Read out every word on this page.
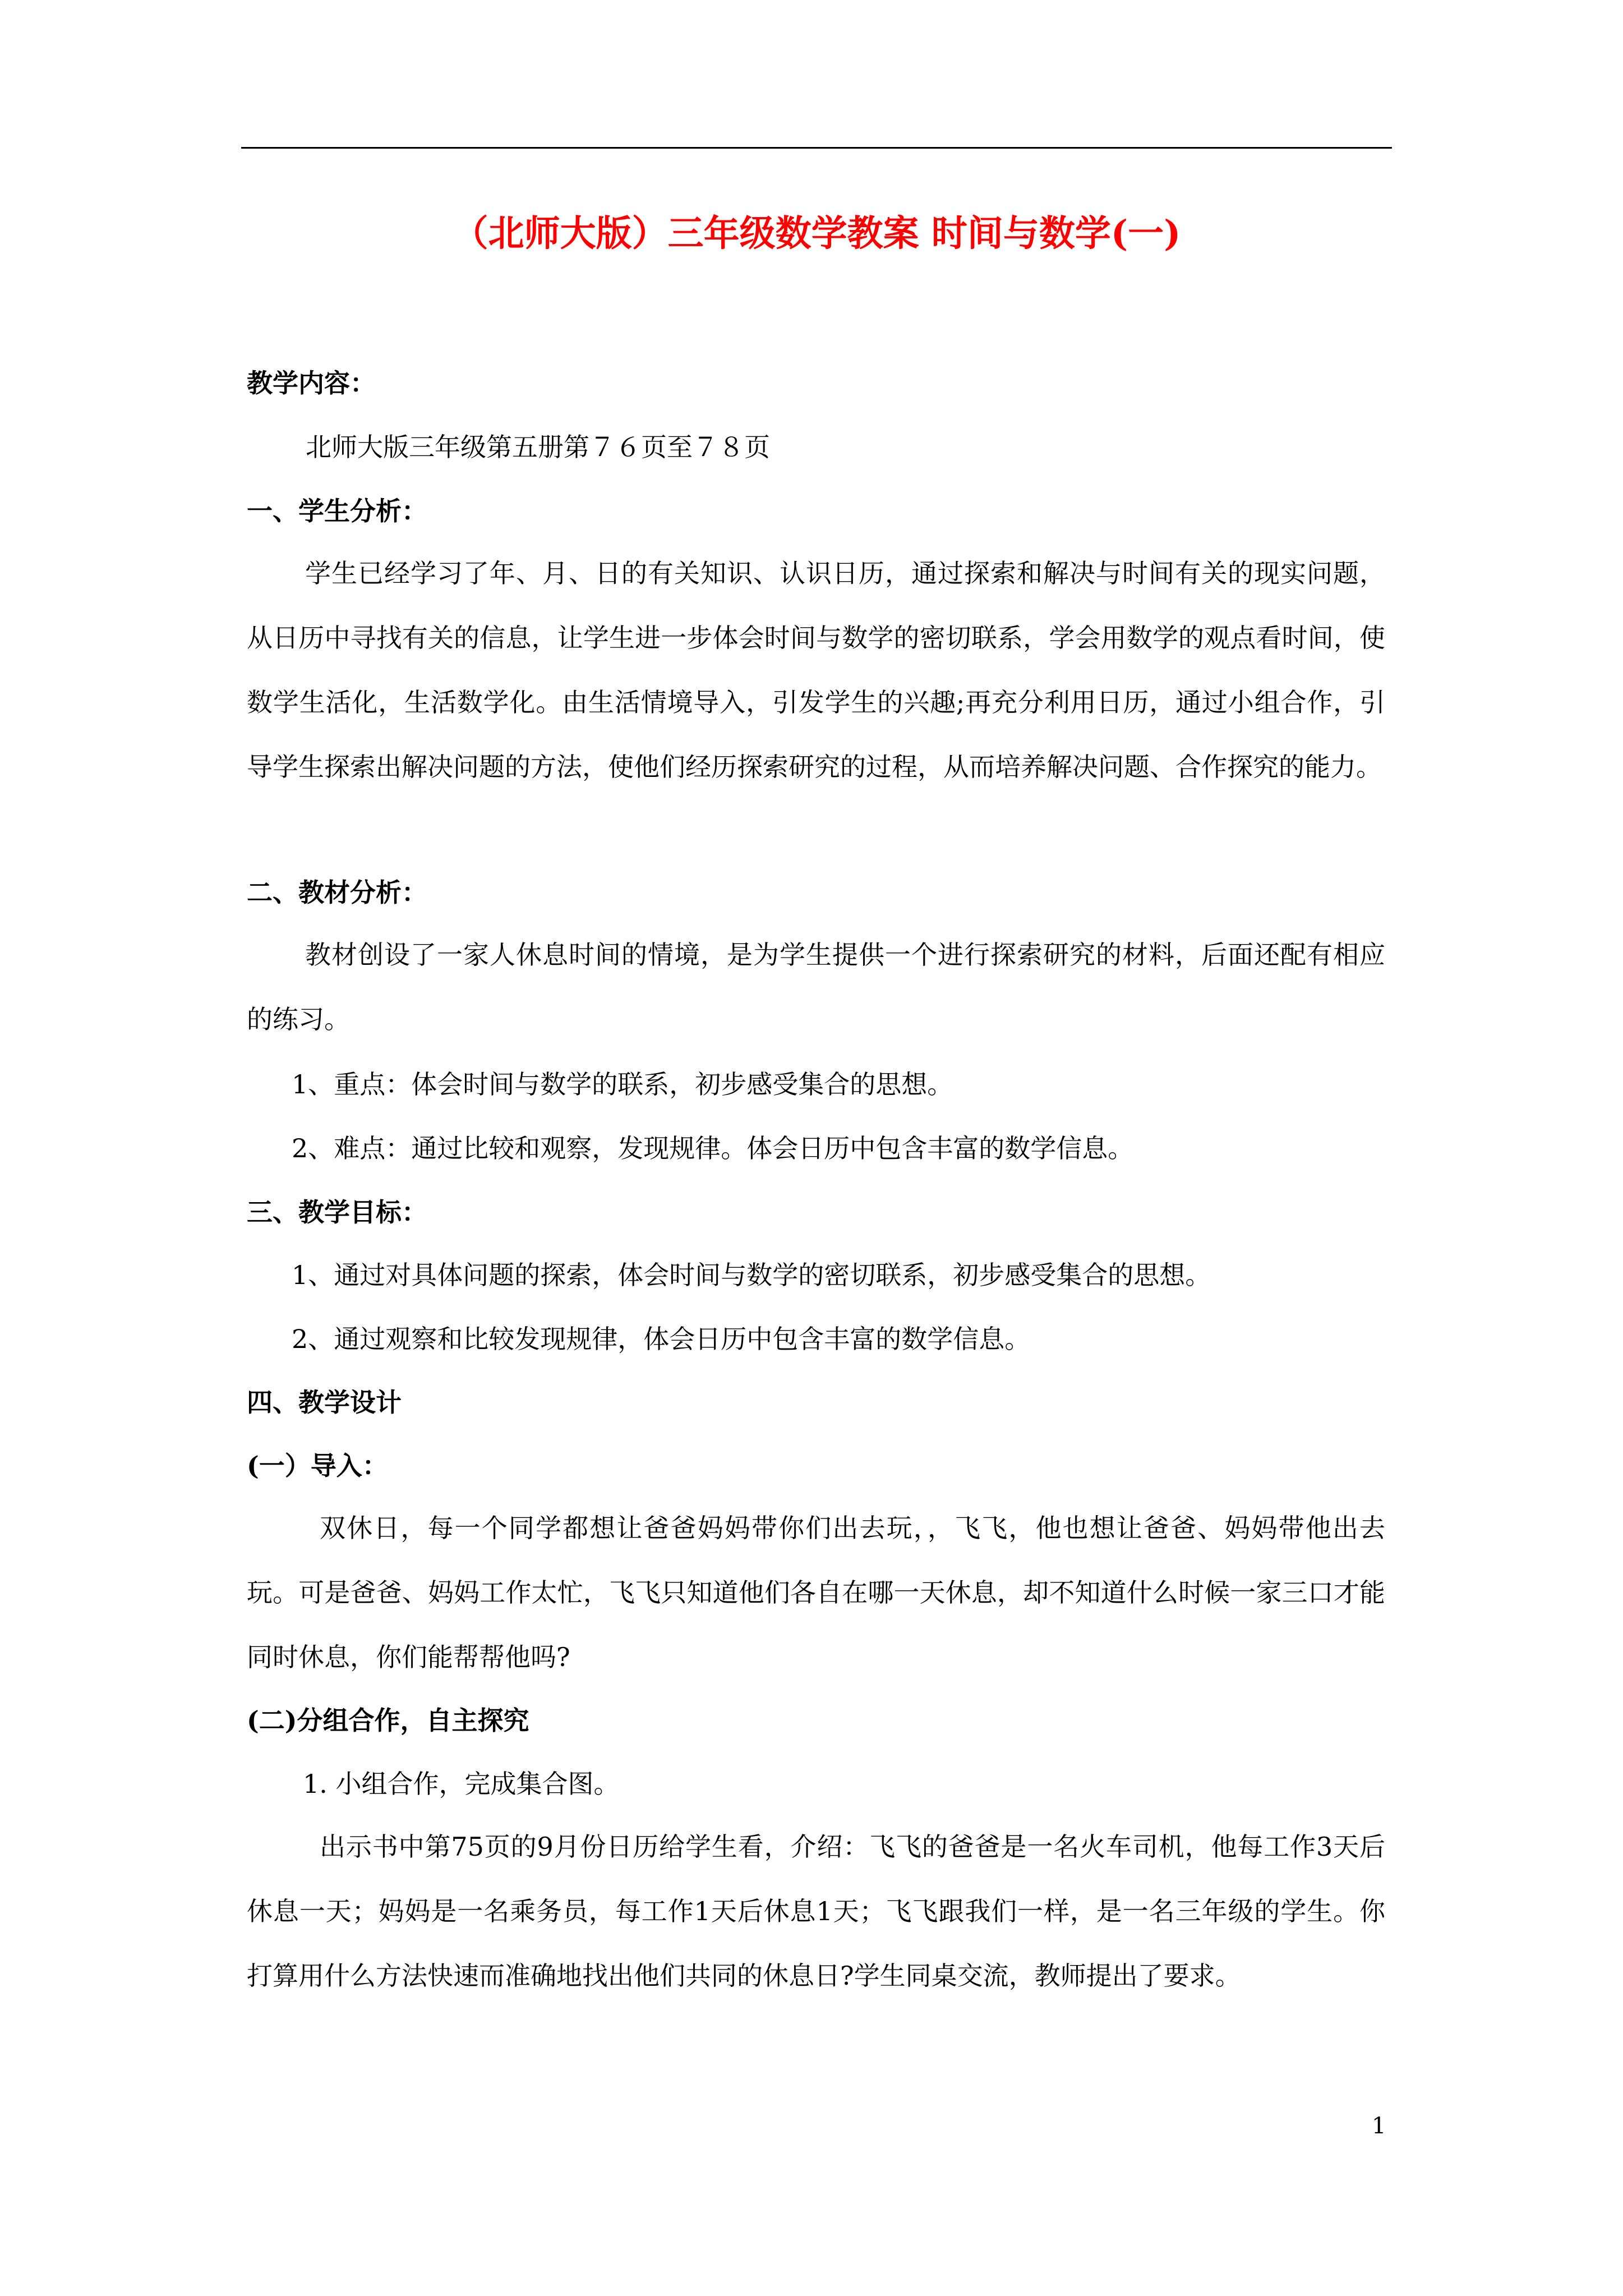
（北师大版）三年级数学教案 时间与数学(一)
教学内容：
北师大版三年级第五册第７６页至７８页
一、学生分析：
学生已经学习了年、月、日的有关知识、认识日历，通过探索和解决与时间有关的现实问题，从日历中寻找有关的信息，让学生进一步体会时间与数学的密切联系，学会用数学的观点看时间，使数学生活化，生活数学化。由生活情境导入，引发学生的兴趣;再充分利用日历，通过小组合作，引导学生探索出解决问题的方法，使他们经历探索研究的过程，从而培养解决问题、合作探究的能力。
二、教材分析：
教材创设了一家人休息时间的情境，是为学生提供一个进行探索研究的材料，后面还配有相应的练习。
1、重点：体会时间与数学的联系，初步感受集合的思想。
2、难点：通过比较和观察，发现规律。体会日历中包含丰富的数学信息。
三、教学目标：
1、通过对具体问题的探索，体会时间与数学的密切联系，初步感受集合的思想。
2、通过观察和比较发现规律，体会日历中包含丰富的数学信息。
四、教学设计
(一）导入：
双休日，每一个同学都想让爸爸妈妈带你们出去玩，，飞飞，他也想让爸爸、妈妈带他出去玩。可是爸爸、妈妈工作太忙，飞飞只知道他们各自在哪一天休息，却不知道什么时候一家三口才能同时休息，你们能帮帮他吗?
(二)分组合作，自主探究
1. 小组合作，完成集合图。
出示书中第75页的9月份日历给学生看，介绍：飞飞的爸爸是一名火车司机，他每工作3天后休息一天；妈妈是一名乘务员，每工作1天后休息1天；飞飞跟我们一样，是一名三年级的学生。你打算用什么方法快速而准确地找出他们共同的休息日?学生同桌交流，教师提出了要求。
1
